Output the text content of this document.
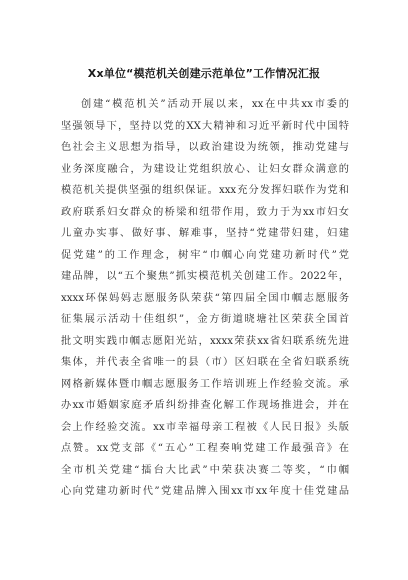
Xx单位“模范机关创建示范单位”工作情况汇报
创建“模范机关”活动开展以来，xx在中共xx市委的
坚强领导下，坚持以党的XX大精神和习近平新时代中国特
色社会主义思想为指导，以政治建设为统领，推动党建与
业务深度融合，为建设让党组织放心、让妇女群众满意的
模范机关提供坚强的组织保证。xxx充分发挥妇联作为党和
政府联系妇女群众的桥梁和纽带作用，致力于为xx市妇女
儿童办实事、做好事、解难事，坚持“党建带妇建，妇建
促党建”的工作理念，树牢“巾帼心向党建功新时代”党
建品牌，以“五个聚焦”抓实模范机关创建工作。2022年，
xxxx环保妈妈志愿服务队荣获“第四届全国巾帼志愿服务
征集展示活动十佳组织”，金方街道晓塘社区荣获全国首
批文明实践巾帼志愿阳光站，xxxx荣获xx省妇联系统先进
集体，并代表全省唯一的县（市）区妇联在全省妇联系统
网格新媒体暨巾帼志愿服务工作培训班上作经验交流。承
办xx市婚姻家庭矛盾纠纷排查化解工作现场推进会，并在
会上作经验交流。xx市幸福母亲工程被《人民日报》头版
点赞。xx党支部《“五心”工程奏响党建工作最强音》在
全市机关党建“擂台大比武”中荣获决赛二等奖，“巾帼
心向党建功新时代”党建品牌入围xx市xx年度十佳党建品
